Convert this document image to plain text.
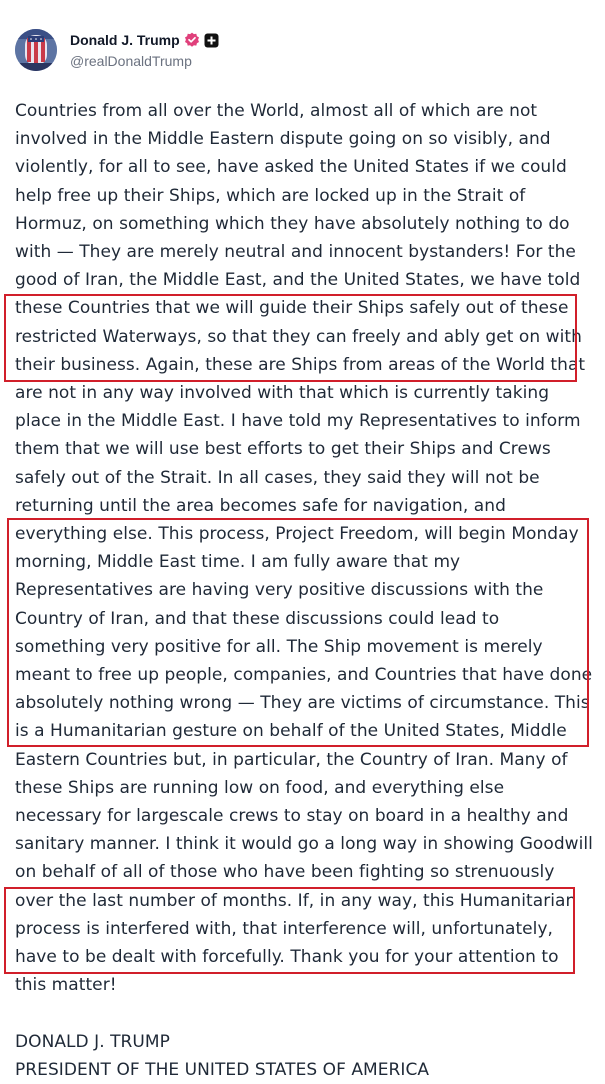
Donald J. Trump
@realDonaldTrump

Countries from all over the World, almost all of which are not involved in the Middle Eastern dispute going on so visibly, and violently, for all to see, have asked the United States if we could help free up their Ships, which are locked up in the Strait of Hormuz, on something which they have absolutely nothing to do with — They are merely neutral and innocent bystanders! For the good of Iran, the Middle East, and the United States, we have told these Countries that we will guide their Ships safely out of these restricted Waterways, so that they can freely and ably get on with their business. Again, these are Ships from areas of the World that are not in any way involved with that which is currently taking place in the Middle East. I have told my Representatives to inform them that we will use best efforts to get their Ships and Crews safely out of the Strait. In all cases, they said they will not be returning until the area becomes safe for navigation, and everything else. This process, Project Freedom, will begin Monday morning, Middle East time. I am fully aware that my Representatives are having very positive discussions with the Country of Iran, and that these discussions could lead to something very positive for all. The Ship movement is merely meant to free up people, companies, and Countries that have done absolutely nothing wrong — They are victims of circumstance. This is a Humanitarian gesture on behalf of the United States, Middle Eastern Countries but, in particular, the Country of Iran. Many of these Ships are running low on food, and everything else necessary for largescale crews to stay on board in a healthy and sanitary manner. I think it would go a long way in showing Goodwill on behalf of all of those who have been fighting so strenuously over the last number of months. If, in any way, this Humanitarian process is interfered with, that interference will, unfortunately, have to be dealt with forcefully. Thank you for your attention to this matter!

DONALD J. TRUMP
PRESIDENT OF THE UNITED STATES OF AMERICA
